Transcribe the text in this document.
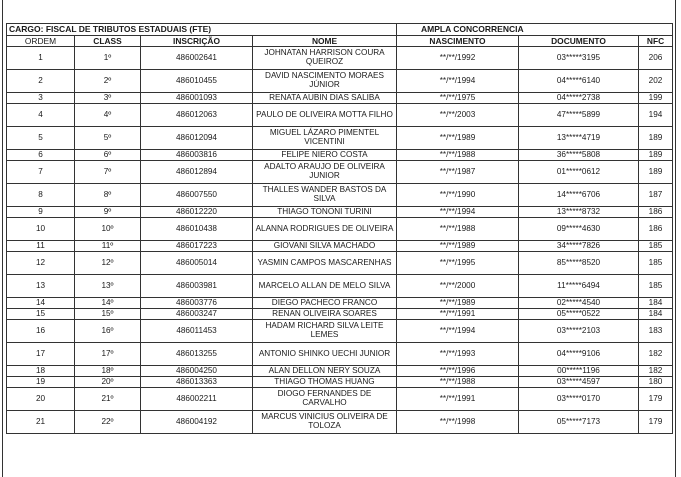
CARGO: FISCAL DE TRIBUTOS ESTADUAIS (FTE)				AMPLA CONCORRENCIA		
ORDEM	CLASS	INSCRIÇÃO	NOME	NASCIMENTO	DOCUMENTO	NFC
1	1º	486002641	JOHNATAN HARRISON COURA QUEIROZ	**/**/1992	03*****3195	206
2	2º	486010455	DAVID NASCIMENTO MORAES JÚNIOR	**/**/1994	04*****6140	202
3	3º	486001093	RENATA AUBIN DIAS SALIBA	**/**/1975	04*****2738	199
4	4º	486012063	PAULO DE OLIVEIRA MOTTA FILHO	**/**/2003	47*****5899	194
5	5º	486012094	MIGUEL LÁZARO PIMENTEL VICENTINI	**/**/1989	13*****4719	189
6	6º	486003816	FELIPE NIERO COSTA	**/**/1988	36*****5808	189
7	7º	486012894	ADALTO ARAUJO DE OLIVEIRA JUNIOR	**/**/1987	01*****0612	189
8	8º	486007550	THALLES WANDER BASTOS DA SILVA	**/**/1990	14*****6706	187
9	9º	486012220	THIAGO TONONI TURINI	**/**/1994	13*****8732	186
10	10º	486010438	ALANNA RODRIGUES DE OLIVEIRA	**/**/1988	09*****4630	186
11	11º	486017223	GIOVANI SILVA MACHADO	**/**/1989	34*****7826	185
12	12º	486005014	YASMIN CAMPOS MASCARENHAS	**/**/1995	85*****8520	185
13	13º	486003981	MARCELO ALLAN DE MELO SILVA	**/**/2000	11*****6494	185
14	14º	486003776	DIEGO PACHECO FRANCO	**/**/1989	02*****4540	184
15	15º	486003247	RENAN OLIVEIRA SOARES	**/**/1991	05*****0522	184
16	16º	486011453	HADAM RICHARD SILVA LEITE LEMES	**/**/1994	03*****2103	183
17	17º	486013255	ANTONIO SHINKO UECHI JUNIOR	**/**/1993	04*****9106	182
18	18º	486004250	ALAN DELLON NERY SOUZA	**/**/1996	00*****1196	182
19	20º	486013363	THIAGO THOMAS HUANG	**/**/1988	03*****4597	180
20	21º	486002211	DIOGO FERNANDES DE CARVALHO	**/**/1991	03*****0170	179
21	22º	486004192	MARCUS VINICIUS OLIVEIRA DE TOLOZA	**/**/1998	05*****7173	179
